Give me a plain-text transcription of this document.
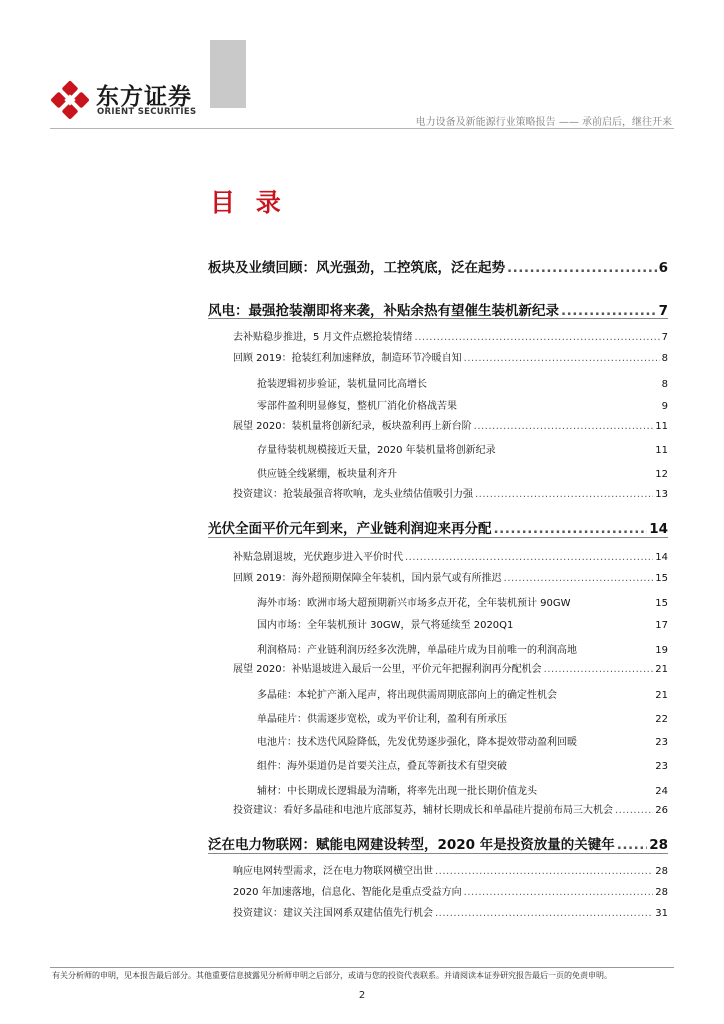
东方证券
ORIENT SECURITIES
电力设备及新能源行业策略报告 —— 承前启后，继往开来
目 录
板块及业绩回顾：风光强劲，工控筑底，泛在起势 .....	6
风电：最强抢装潮即将来袭，补贴余热有望催生装机新纪录 .....	7
去补贴稳步推进，5 月文件点燃抢装情绪 .....	7
回顾 2019：抢装红利加速释放，制造环节冷暖自知 .....	8
抢装逻辑初步验证，装机量同比高增长	8
零部件盈利明显修复，整机厂消化价格战苦果	9
展望 2020：装机量将创新纪录，板块盈利再上新台阶 .....	11
存量待装机规模接近天量，2020 年装机量将创新纪录	11
供应链全线紧绷，板块量利齐升	12
投资建议：抢装最强音将吹响，龙头业绩估值吸引力强 .....	13
光伏全面平价元年到来，产业链利润迎来再分配 .....	14
补贴急剧退坡，光伏跑步进入平价时代 .....	14
回顾 2019：海外超预期保障全年装机，国内景气或有所推迟 .....	15
海外市场：欧洲市场大超预期新兴市场多点开花，全年装机预计 90GW	15
国内市场：全年装机预计 30GW，景气将延续至 2020Q1	17
利润格局：产业链利润历经多次洗牌，单晶硅片成为目前唯一的利润高地	19
展望 2020：补贴退坡进入最后一公里，平价元年把握利润再分配机会 .....	21
多晶硅：本轮扩产渐入尾声，将出现供需周期底部向上的确定性机会	21
单晶硅片：供需逐步宽松，或为平价让利，盈利有所承压	22
电池片：技术迭代风险降低，先发优势逐步强化，降本提效带动盈利回暖	23
组件：海外渠道仍是首要关注点，叠瓦等新技术有望突破	23
辅材：中长期成长逻辑最为清晰，将率先出现一批长期价值龙头	24
投资建议：看好多晶硅和电池片底部复苏，辅材长期成长和单晶硅片提前布局三大机会 .....	26
泛在电力物联网：赋能电网建设转型，2020 年是投资放量的关键年 .....	28
响应电网转型需求，泛在电力物联网横空出世 .....	28
2020 年加速落地，信息化、智能化是重点受益方向 .....	28
投资建议：建议关注国网系双建估值先行机会 .....	31
有关分析师的申明，见本报告最后部分。其他重要信息披露见分析师申明之后部分，或请与您的投资代表联系。并请阅读本证券研究报告最后一页的免责申明。
2
